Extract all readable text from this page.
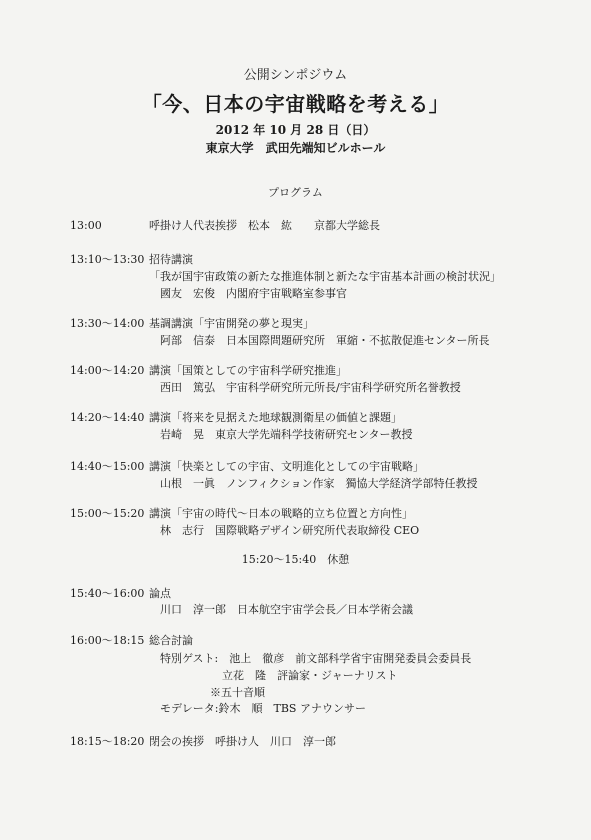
公開シンポジウム
「今、日本の宇宙戦略を考える」
2012 年 10 月 28 日（日）
東京大学　武田先端知ビルホール
プログラム
13:00	呼掛け人代表挨拶　松本　紘　　京都大学総長
13:10～13:30 招待講演
「我が国宇宙政策の新たな推進体制と新たな宇宙基本計画の検討状況」
國友　宏俊　内閣府宇宙戦略室参事官
13:30～14:00 基調講演「宇宙開発の夢と現実」
阿部　信泰　日本国際問題研究所　軍縮・不拡散促進センター所長
14:00～14:20 講演「国策としての宇宙科学研究推進」
西田　篤弘　宇宙科学研究所元所長/宇宙科学研究所名誉教授
14:20～14:40 講演「将来を見据えた地球観測衛星の価値と課題」
岩崎　晃　東京大学先端科学技術研究センター教授
14:40～15:00 講演「快楽としての宇宙、文明進化としての宇宙戦略」
山根　一眞　ノンフィクション作家　獨協大学経済学部特任教授
15:00～15:20 講演「宇宙の時代～日本の戦略的立ち位置と方向性」
林　志行　国際戦略デザイン研究所代表取締役 CEO
15:20～15:40　休憩
15:40～16:00 論点
川口　淳一郎　日本航空宇宙学会長／日本学術会議
16:00～18:15 総合討論
特別ゲスト:　池上　徹彦　前文部科学省宇宙開発委員会委員長
立花　隆　評論家・ジャーナリスト
※五十音順
モデレータ:鈴木　順　TBS アナウンサー
18:15～18:20 閉会の挨拶　呼掛け人　川口　淳一郎
